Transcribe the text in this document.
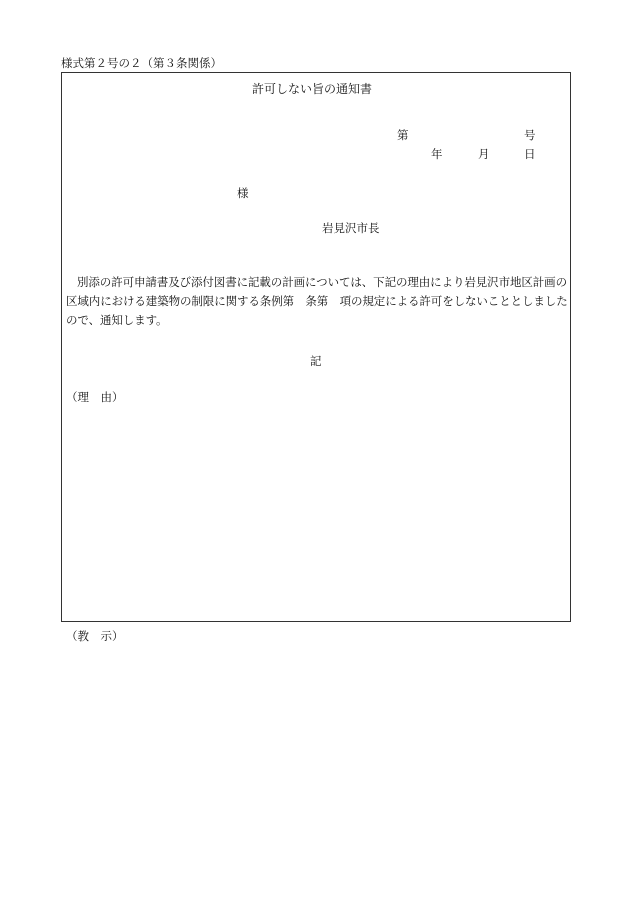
様式第２号の２（第３条関係）
許可しない旨の通知書
第	号
年	月	日
様
岩見沢市長
別添の許可申請書及び添付図書に記載の計画については、下記の理由により岩見沢市地区計画の区域内における建築物の制限に関する条例第　条第　項の規定による許可をしないこととしましたので、通知します。
記
（理　由）
（教　示）
